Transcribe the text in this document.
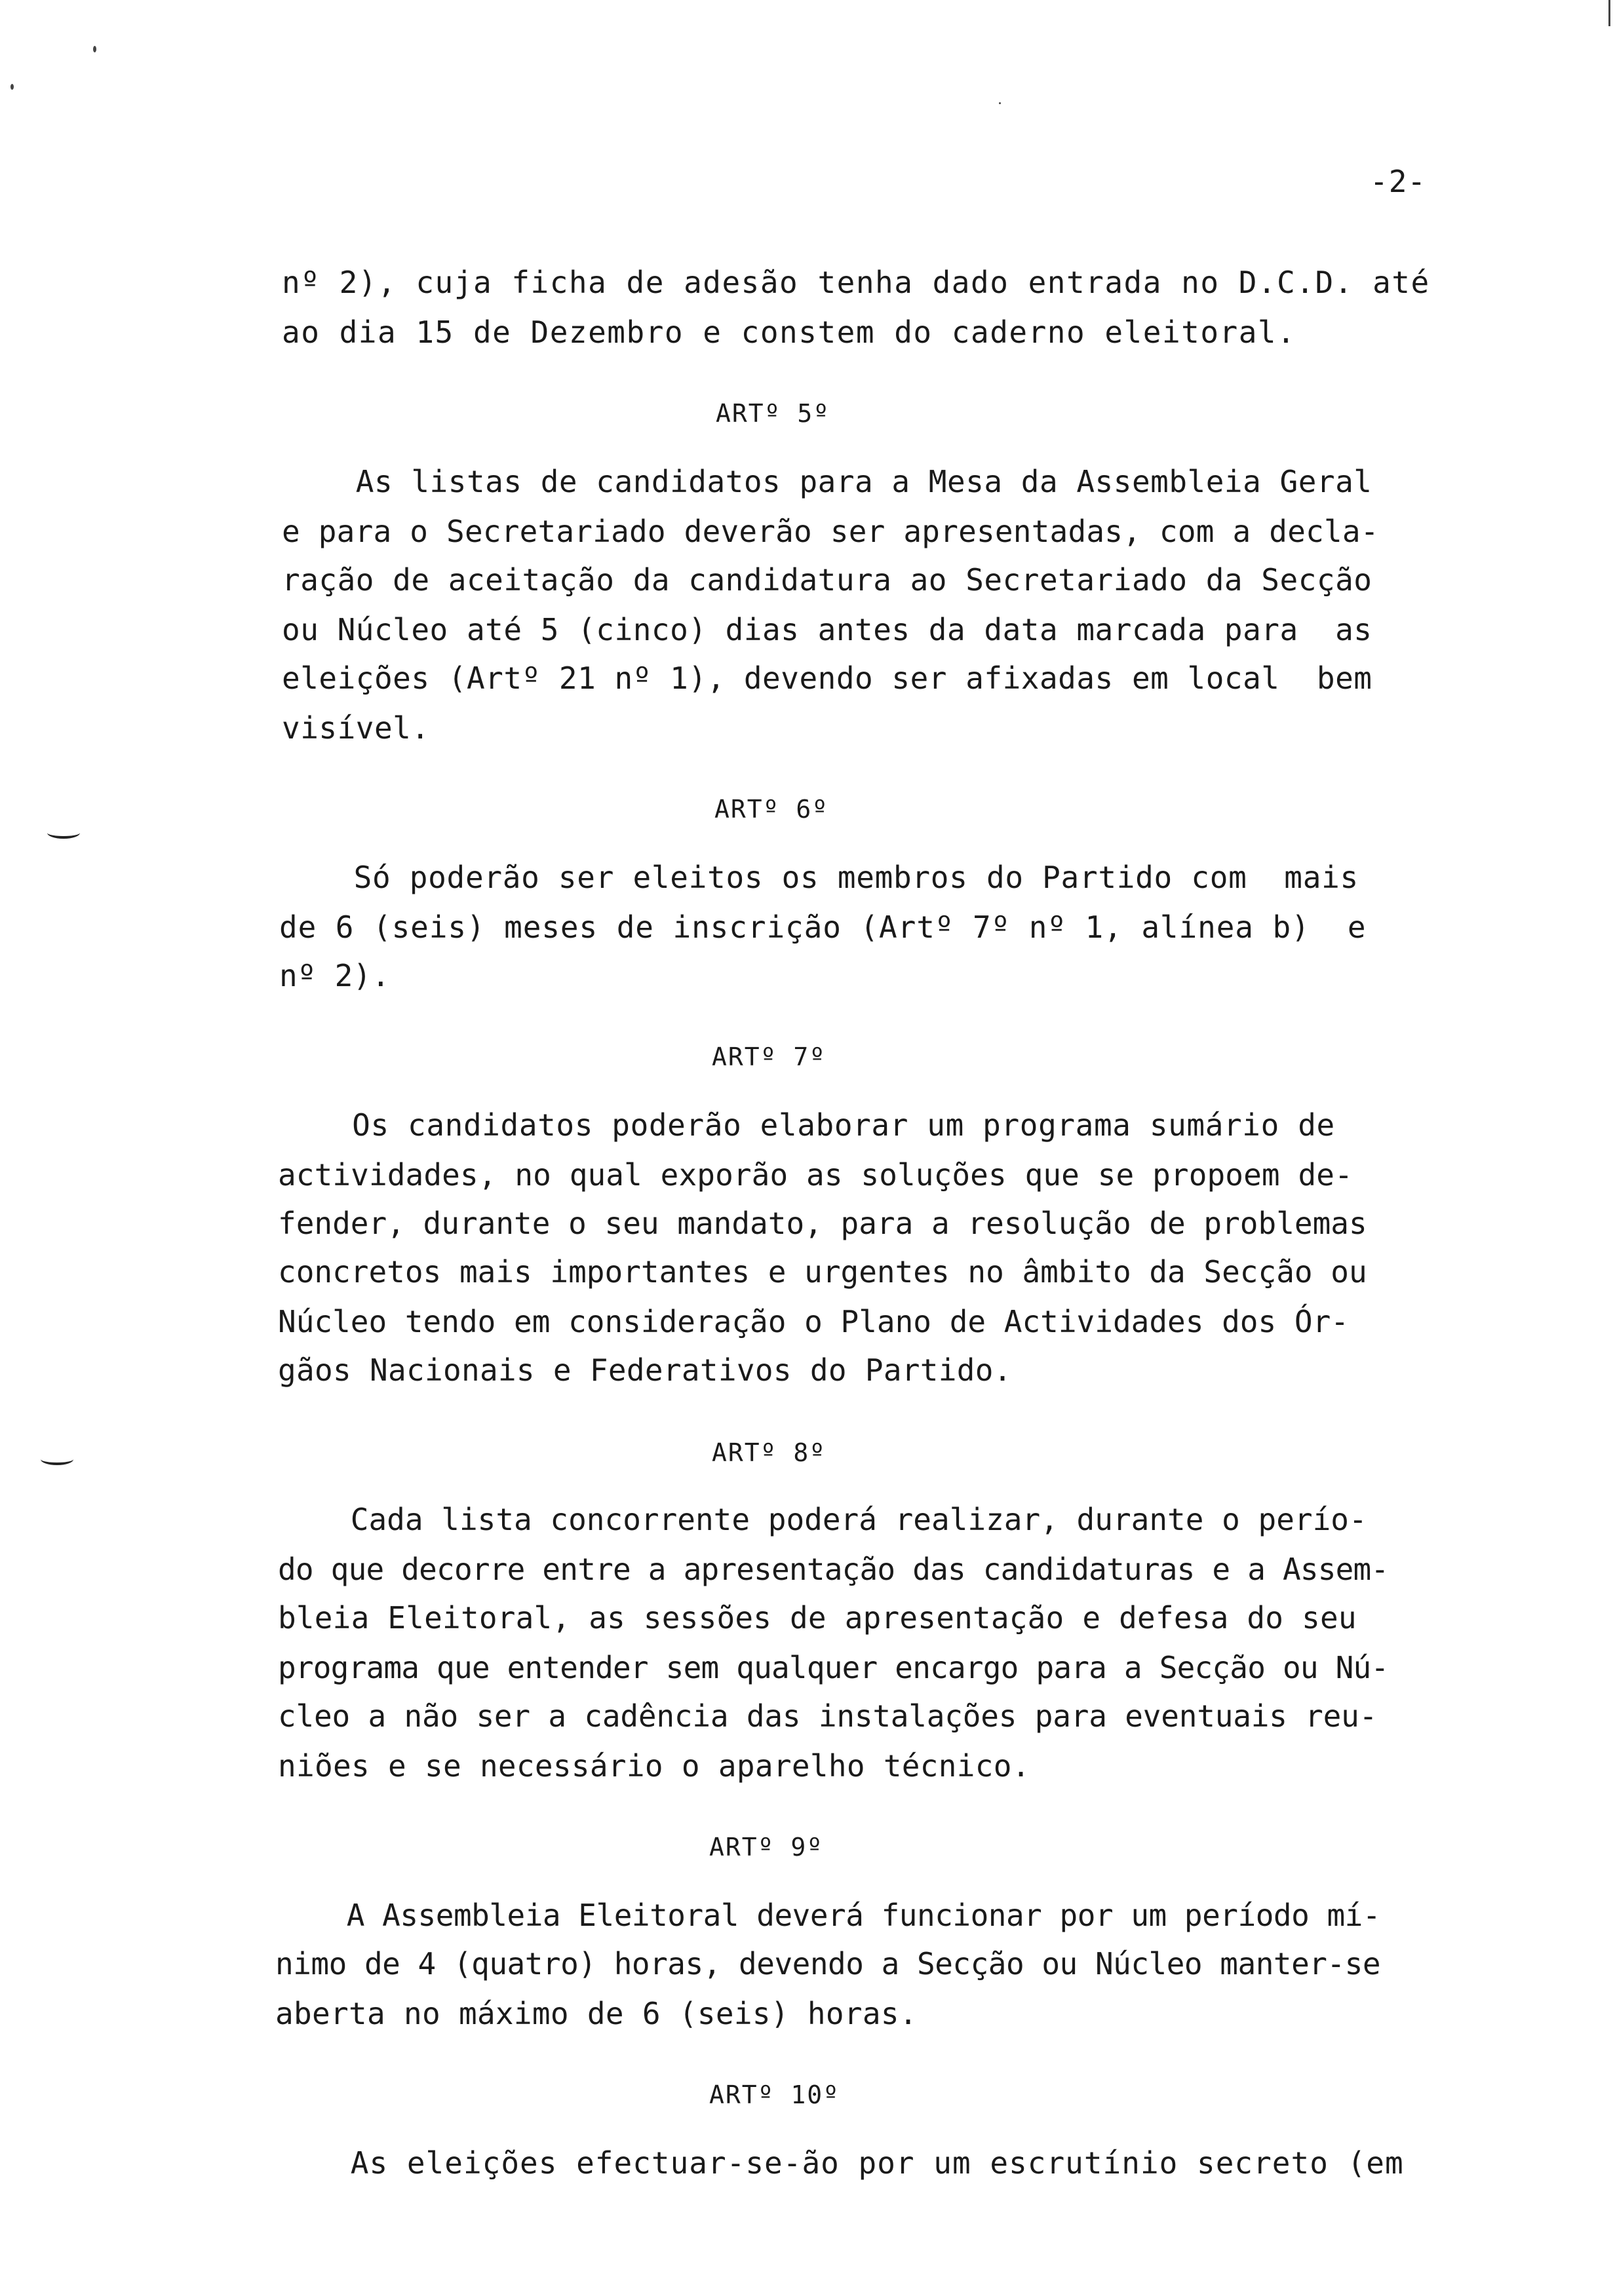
-2-
nº 2), cuja ficha de adesão tenha dado entrada no D.C.D. até
ao dia 15 de Dezembro e constem do caderno eleitoral.
ARTº 5º
As listas de candidatos para a Mesa da Assembleia Geral
e para o Secretariado deverão ser apresentadas, com a decla-
ração de aceitação da candidatura ao Secretariado da Secção
ou Núcleo até 5 (cinco) dias antes da data marcada para  as
eleições (Artº 21 nº 1), devendo ser afixadas em local  bem
visível.
ARTº 6º
Só poderão ser eleitos os membros do Partido com  mais
de 6 (seis) meses de inscrição (Artº 7º nº 1, alínea b)  e
nº 2).
ARTº 7º
Os candidatos poderão elaborar um programa sumário de
actividades, no qual exporão as soluções que se propoem de-
fender, durante o seu mandato, para a resolução de problemas
concretos mais importantes e urgentes no âmbito da Secção ou
Núcleo tendo em consideração o Plano de Actividades dos Ór-
gãos Nacionais e Federativos do Partido.
ARTº 8º
Cada lista concorrente poderá realizar, durante o perío-
do que decorre entre a apresentação das candidaturas e a Assem-
bleia Eleitoral, as sessões de apresentação e defesa do seu
programa que entender sem qualquer encargo para a Secção ou Nú-
cleo a não ser a cadência das instalações para eventuais reu-
niões e se necessário o aparelho técnico.
ARTº 9º
A Assembleia Eleitoral deverá funcionar por um período mí-
nimo de 4 (quatro) horas, devendo a Secção ou Núcleo manter-se
aberta no máximo de 6 (seis) horas.
ARTº 10º
As eleições efectuar-se-ão por um escrutínio secreto (em
